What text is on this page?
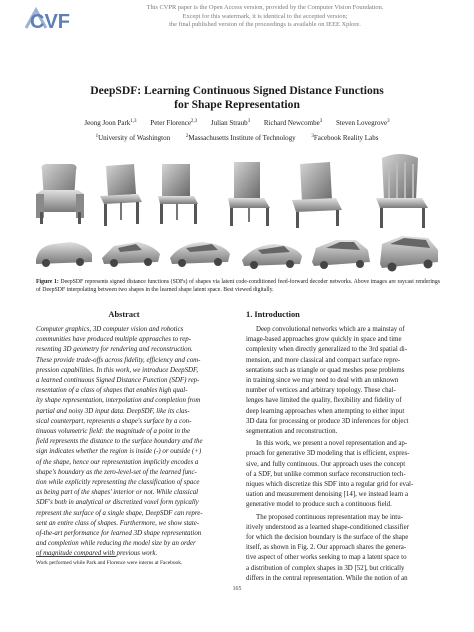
CVF
This CVPR paper is the Open Access version, provided by the Computer Vision Foundation.
Except for this watermark, it is identical to the accepted version;
the final published version of the proceedings is available on IEEE Xplore.
DeepSDF: Learning Continuous Signed Distance Functions
for Shape Representation
Jeong Joon Park$^{1,3}$ Peter Florence$^{2,3}$ Julian Straub$^3$ Richard Newcombe$^3$ Steven Lovegrove$^3$
$^1$University of Washington	$^2$Massachusetts Institute of Technology	$^3$Facebook Reality Labs
Figure 1: DeepSDF represents signed distance functions (SDFs) of shapes via latent code-conditioned feed-forward decoder networks. Above images are raycast renderings of DeepSDF interpolating between two shapes in the learned shape latent space. Best viewed digitally.
Abstract
Computer graphics, 3D computer vision and robotics
communities have produced multiple approaches to rep-
resenting 3D geometry for rendering and reconstruction.
These provide trade-offs across fidelity, efficiency and com-
pression capabilities. In this work, we introduce DeepSDF,
a learned continuous Signed Distance Function (SDF) rep-
resentation of a class of shapes that enables high qual-
ity shape representation, interpolation and completion from
partial and noisy 3D input data. DeepSDF, like its clas-
sical counterpart, represents a shape's surface by a con-
tinuous volumetric field: the magnitude of a point in the
field represents the distance to the surface boundary and the
sign indicates whether the region is inside (-) or outside (+)
of the shape, hence our representation implicitly encodes a
shape's boundary as the zero-level-set of the learned func-
tion while explicitly representing the classification of space
as being part of the shapes' interior or not. While classical
SDF's both in analytical or discretized voxel form typically
represent the surface of a single shape, DeepSDF can repre-
sent an entire class of shapes. Furthermore, we show state-
of-the-art performance for learned 3D shape representation
and completion while reducing the model size by an order
of magnitude compared with previous work.
Work performed while Park and Florence were interns at Facebook.
1. Introduction
Deep convolutional networks which are a mainstay of
image-based approaches grow quickly in space and time
complexity when directly generalized to the 3rd spatial di-
mension, and more classical and compact surface repre-
sentations such as triangle or quad meshes pose problems
in training since we may need to deal with an unknown
number of vertices and arbitrary topology. These chal-
lenges have limited the quality, flexibility and fidelity of
deep learning approaches when attempting to either input
3D data for processing or produce 3D inferences for object
segmentation and reconstruction.
In this work, we present a novel representation and ap-
proach for generative 3D modeling that is efficient, expres-
sive, and fully continuous. Our approach uses the concept
of a SDF, but unlike common surface reconstruction tech-
niques which discretize this SDF into a regular grid for eval-
uation and measurement denoising [14], we instead learn a
generative model to produce such a continuous field.
The proposed continuous representation may be intu-
itively understood as a learned shape-conditioned classifier
for which the decision boundary is the surface of the shape
itself, as shown in Fig. 2. Our approach shares the genera-
tive aspect of other works seeking to map a latent space to
a distribution of complex shapes in 3D [52], but critically
differs in the central representation. While the notion of an
165
